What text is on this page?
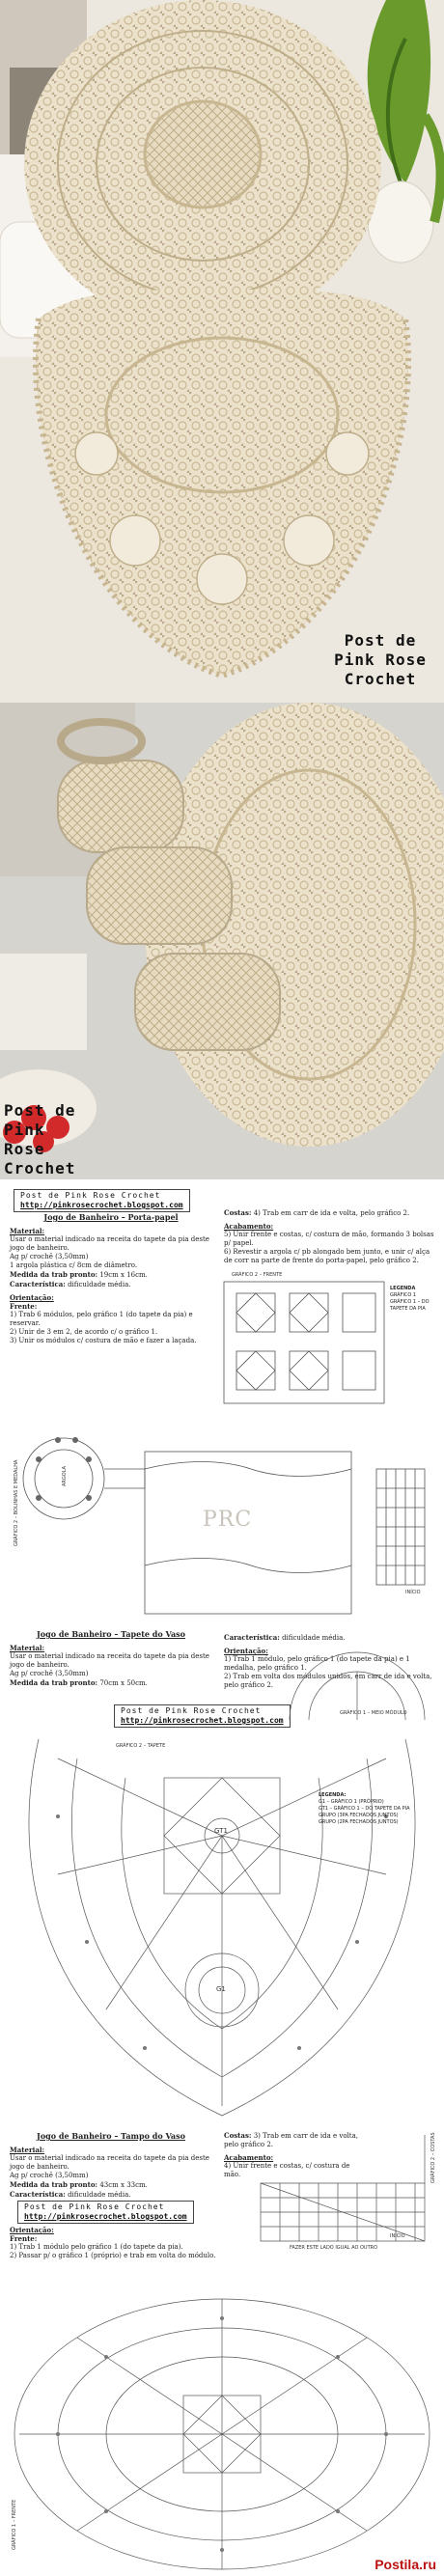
Post de
Pink Rose
Crochet
Post de
Pink Rose
Crochet
Post de Pink Rose Crochet
http://pinkrosecrochet.blogspot.com
Jogo de Banheiro – Porta-papel
Material:
Usar o material indicado na receita do tapete da pia deste jogo de banheiro.
Ag p/ crochê (3,50mm)
1 argola plástica c/ 8cm de diâmetro.
Medida da trab pronto: 19cm x 16cm.
Característica: dificuldade média.
Orientação:
Frente:
1) Trab 6 módulos, pelo gráfico 1 (do tapete da pia) e reservar.
2) Unir de 3 em 2, de acordo c/ o gráfico 1.
3) Unir os módulos c/ costura de mão e fazer a laçada.
Costas: 4) Trab em carr de ida e volta, pelo gráfico 2.
Acabamento:
5) Unir frente e costas, c/ costura de mão, formando 3 bolsas p/ papel.
6) Revestir a argola c/ pb alongado bem junto, e unir c/ alça de corr na parte de frente do porta-papel, pelo gráfico 2.
GRÁFICO 2 – FRENTE
ARGOLA
GRÁFICO 2 – BOLINHAS E MEDALHA	PRC
INÍCIO
LEGENDA
GRÁFICO 1
GRÁFICO 1 – DO TAPETE DA PIA
Jogo de Banheiro – Tapete do Vaso
Material:
Usar o material indicado na receita do tapete da pia deste jogo de banheiro.
Ag p/ crochê (3,50mm)
Medida da trab pronto: 70cm x 50cm.
Característica: dificuldade média.
Orientação:
1) Trab 1 módulo, pelo gráfico 1 (do tapete da pia) e 1 medalha, pelo gráfico 1.
2) Trab em volta dos módulos unidos, em carr de ida e volta, pelo gráfico 2.
Post de Pink Rose Crochet
http://pinkrosecrochet.blogspot.com
GRÁFICO 1 – MEIO MÓDULO
GRÁFICO 2 – TAPETE
GT1
G1
LEGENDA:
G1 – GRÁFICO 1 (PRÓPRIO)
GT1 – GRÁFICO 1 – DO TAPETE DA PIA
GRUPO (3PA FECHADOS JUNTOS)
GRUPO (2PA FECHADOS JUNTOS)
Jogo de Banheiro – Tampo do Vaso
Material:
Usar o material indicado na receita do tapete da pia deste jogo de banheiro.
Ag p/ crochê (3,50mm)
Medida da trab pronto: 43cm x 33cm.
Característica: dificuldade média.
Post de Pink Rose Crochet
http://pinkrosecrochet.blogspot.com
Orientação:
Frente:
1) Trab 1 módulo pelo gráfico 1 (do tapete da pia).
2) Passar p/ o gráfico 1 (próprio) e trab em volta do módulo.
Costas: 3) Trab em carr de ida e volta, pelo gráfico 2.
Acabamento:
4) Unir frente e costas, c/ costura de mão.
FAZER ESTE LADO IGUAL AO OUTRO
GRÁFICO 2 – COSTAS
GRÁFICO 1 – FRENTE
INÍCIO
Postila.ru
